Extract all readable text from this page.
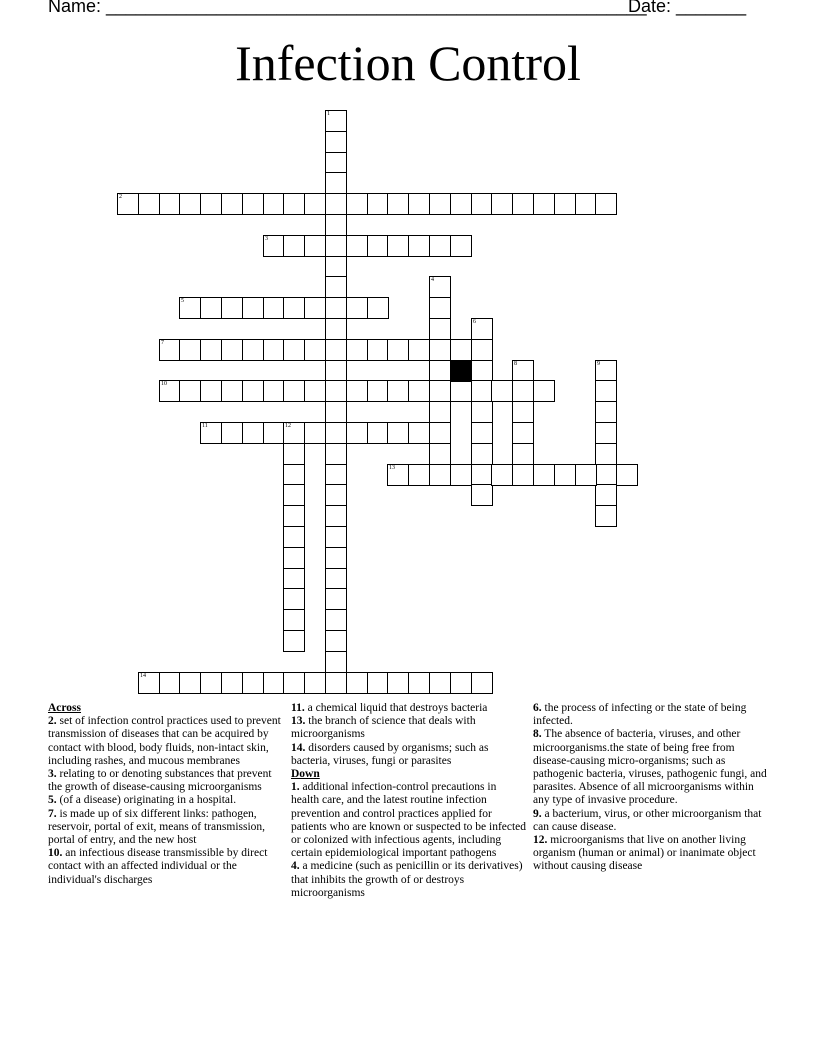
Name: ______________________________________________________
Date: _______
Infection Control
1
2
3
4
5
6
7
8	9
10
11	12
13
14
Across
2. set of infection control practices used to prevent transmission of diseases that can be acquired by contact with blood, body fluids, non-intact skin, including rashes, and mucous membranes
3. relating to or denoting substances that prevent the growth of disease-causing microorganisms
5. (of a disease) originating in a hospital.
7. is made up of six different links: pathogen, reservoir, portal of exit, means of transmission, portal of entry, and the new host
10. an infectious disease transmissible by direct contact with an affected individual or the individual's discharges
11. a chemical liquid that destroys bacteria
13. the branch of science that deals with microorganisms
14. disorders caused by organisms; such as bacteria, viruses, fungi or parasites
Down
1. additional infection-control precautions in health care, and the latest routine infection prevention and control practices applied for patients who are known or suspected to be infected or colonized with infectious agents, including certain epidemiological important pathogens
4. a medicine (such as penicillin or its derivatives) that inhibits the growth of or destroys microorganisms
6. the process of infecting or the state of being infected.
8. The absence of bacteria, viruses, and other microorganisms.the state of being free from disease-causing micro-organisms; such as pathogenic bacteria, viruses, pathogenic fungi, and parasites. Absence of all microorganisms within any type of invasive procedure.
9. a bacterium, virus, or other microorganism that can cause disease.
12. microorganisms that live on another living organism (human or animal) or inanimate object without causing disease
